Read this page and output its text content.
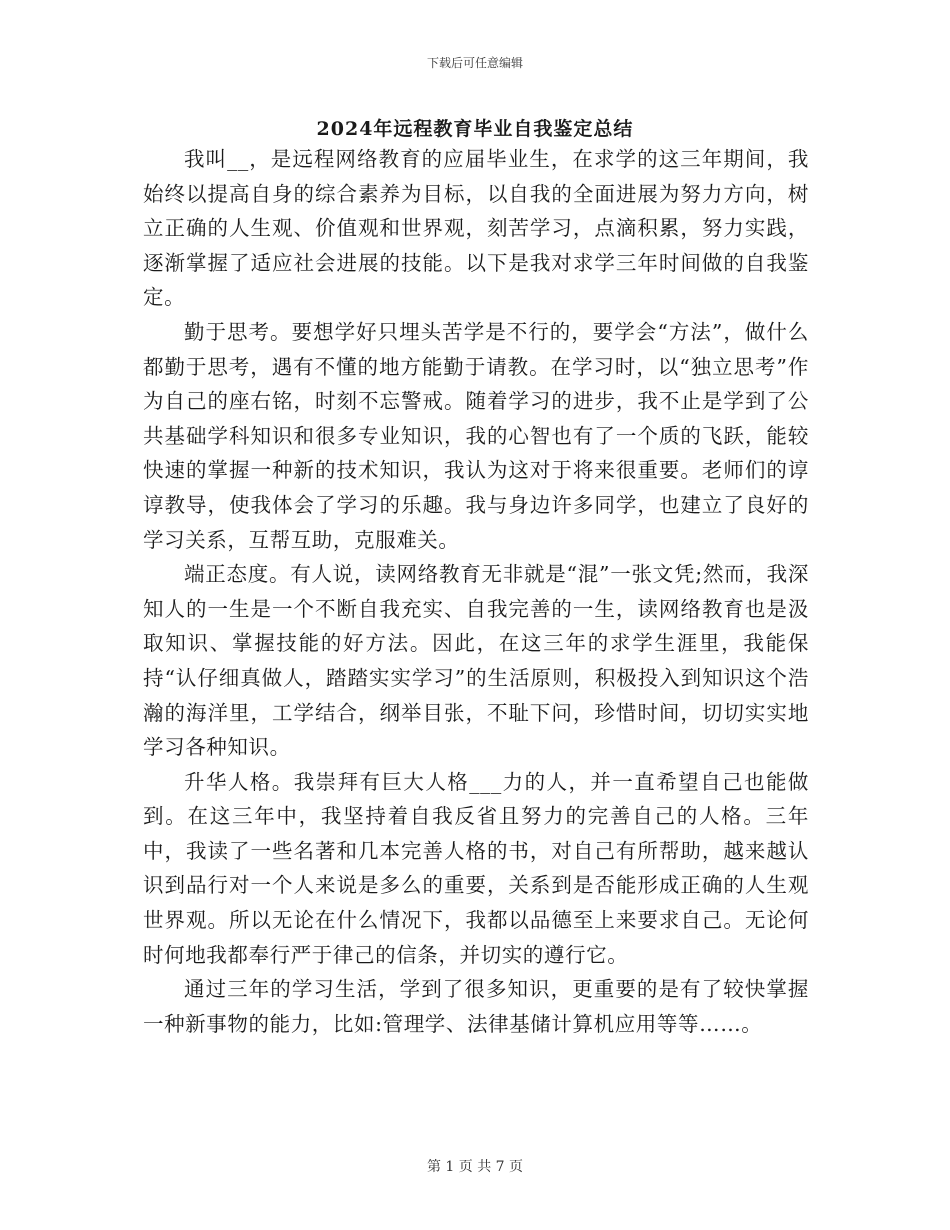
下载后可任意编辑
2024年远程教育毕业自我鉴定总结

我叫__，是远程网络教育的应届毕业生，在求学的这三年期间，我始终以提高自身的综合素养为目标，以自我的全面进展为努力方向，树立正确的人生观、价值观和世界观，刻苦学习，点滴积累，努力实践，逐渐掌握了适应社会进展的技能。以下是我对求学三年时间做的自我鉴定。

勤于思考。要想学好只埋头苦学是不行的，要学会“方法”，做什么都勤于思考，遇有不懂的地方能勤于请教。在学习时，以“独立思考”作为自己的座右铭，时刻不忘警戒。随着学习的进步，我不止是学到了公共基础学科知识和很多专业知识，我的心智也有了一个质的飞跃，能较快速的掌握一种新的技术知识，我认为这对于将来很重要。老师们的谆谆教导，使我体会了学习的乐趣。我与身边许多同学，也建立了良好的学习关系，互帮互助，克服难关。

端正态度。有人说，读网络教育无非就是“混”一张文凭;然而，我深知人的一生是一个不断自我充实、自我完善的一生，读网络教育也是汲取知识、掌握技能的好方法。因此，在这三年的求学生涯里，我能保持“认仔细真做人，踏踏实实学习”的生活原则，积极投入到知识这个浩瀚的海洋里，工学结合，纲举目张，不耻下问，珍惜时间，切切实实地学习各种知识。

升华人格。我崇拜有巨大人格___力的人，并一直希望自己也能做到。在这三年中，我坚持着自我反省且努力的完善自己的人格。三年中，我读了一些名著和几本完善人格的书，对自己有所帮助，越来越认识到品行对一个人来说是多么的重要，关系到是否能形成正确的人生观世界观。所以无论在什么情况下，我都以品德至上来要求自己。无论何时何地我都奉行严于律己的信条，并切实的遵行它。

通过三年的学习生活，学到了很多知识，更重要的是有了较快掌握一种新事物的能力，比如:管理学、法律基储计算机应用等等……。

第 1 页 共 7 页
